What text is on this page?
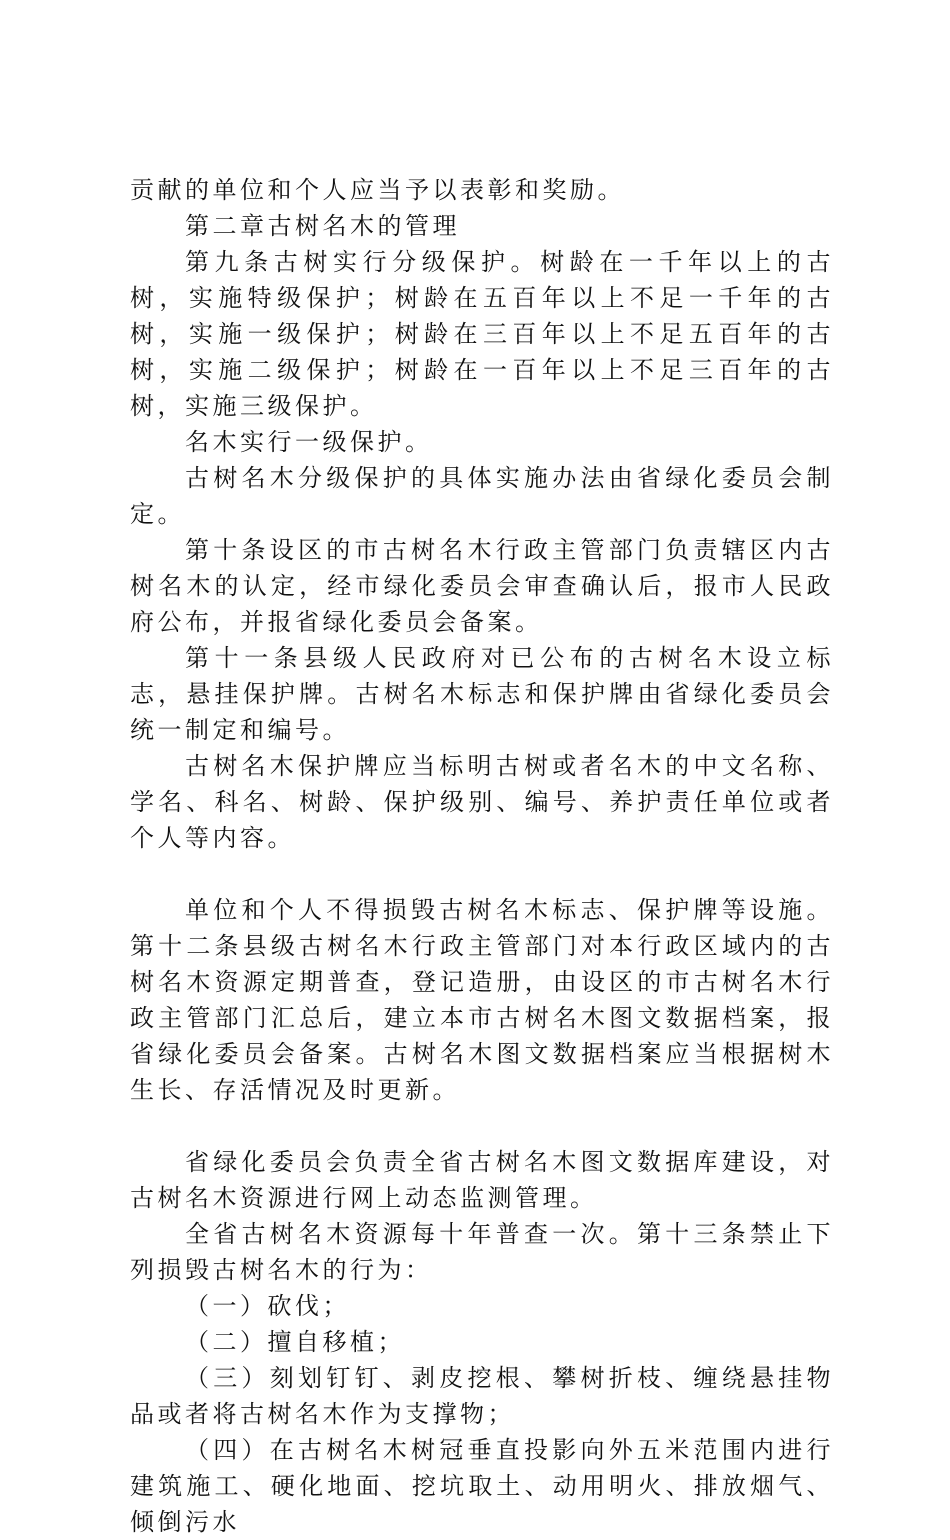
贡献的单位和个人应当予以表彰和奖励。

第二章古树名木的管理

第九条古树实行分级保护。树龄在一千年以上的古树，实施特级保护；树龄在五百年以上不足一千年的古树，实施一级保护；树龄在三百年以上不足五百年的古树，实施二级保护；树龄在一百年以上不足三百年的古树，实施三级保护。

名木实行一级保护。

古树名木分级保护的具体实施办法由省绿化委员会制定。

第十条设区的市古树名木行政主管部门负责辖区内古树名木的认定，经市绿化委员会审查确认后，报市人民政府公布，并报省绿化委员会备案。

第十一条县级人民政府对已公布的古树名木设立标志，悬挂保护牌。古树名木标志和保护牌由省绿化委员会统一制定和编号。

古树名木保护牌应当标明古树或者名木的中文名称、学名、科名、树龄、保护级别、编号、养护责任单位或者个人等内容。

单位和个人不得损毁古树名木标志、保护牌等设施。第十二条县级古树名木行政主管部门对本行政区域内的古树名木资源定期普查，登记造册，由设区的市古树名木行政主管部门汇总后，建立本市古树名木图文数据档案，报省绿化委员会备案。古树名木图文数据档案应当根据树木生长、存活情况及时更新。

省绿化委员会负责全省古树名木图文数据库建设，对古树名木资源进行网上动态监测管理。

全省古树名木资源每十年普查一次。第十三条禁止下列损毁古树名木的行为：

（一）砍伐；

（二）擅自移植；

（三）刻划钉钉、剥皮挖根、攀树折枝、缠绕悬挂物品或者将古树名木作为支撑物；

（四）在古树名木树冠垂直投影向外五米范围内进行建筑施工、硬化地面、挖坑取土、动用明火、排放烟气、倾倒污水
